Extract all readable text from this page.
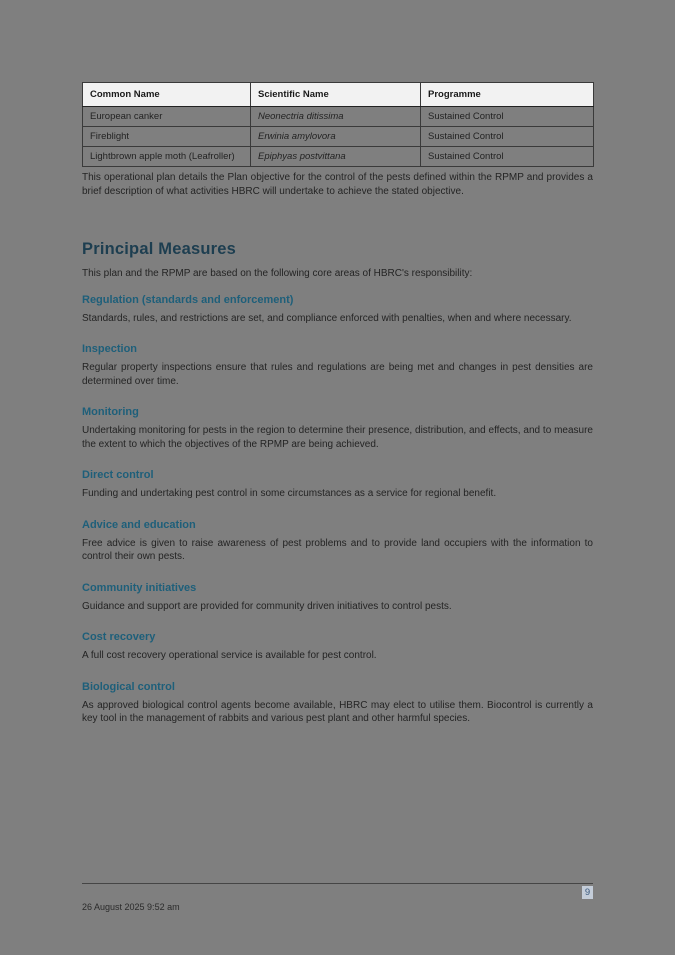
Common Name	Scientific Name	Programme
European canker	Neonectria ditissima	Sustained Control
Fireblight	Erwinia amylovora	Sustained Control
Lightbrown apple moth (Leafroller)	Epiphyas postvittana	Sustained Control

This operational plan details the Plan objective for the control of the pests defined within the RPMP and provides a brief description of what activities HBRC will undertake to achieve the stated objective.

Principal Measures

This plan and the RPMP are based on the following core areas of HBRC's responsibility:

Regulation (standards and enforcement)

Standards, rules, and restrictions are set, and compliance enforced with penalties, when and where necessary.

Inspection

Regular property inspections ensure that rules and regulations are being met and changes in pest densities are determined over time.

Monitoring

Undertaking monitoring for pests in the region to determine their presence, distribution, and effects, and to measure the extent to which the objectives of the RPMP are being achieved.

Direct control

Funding and undertaking pest control in some circumstances as a service for regional benefit.

Advice and education

Free advice is given to raise awareness of pest problems and to provide land occupiers with the information to control their own pests.

Community initiatives

Guidance and support are provided for community driven initiatives to control pests.

Cost recovery

A full cost recovery operational service is available for pest control.

Biological control

As approved biological control agents become available, HBRC may elect to utilise them. Biocontrol is currently a key tool in the management of rabbits and various pest plant and other harmful species.

9
26 August 2025 9:52 am
